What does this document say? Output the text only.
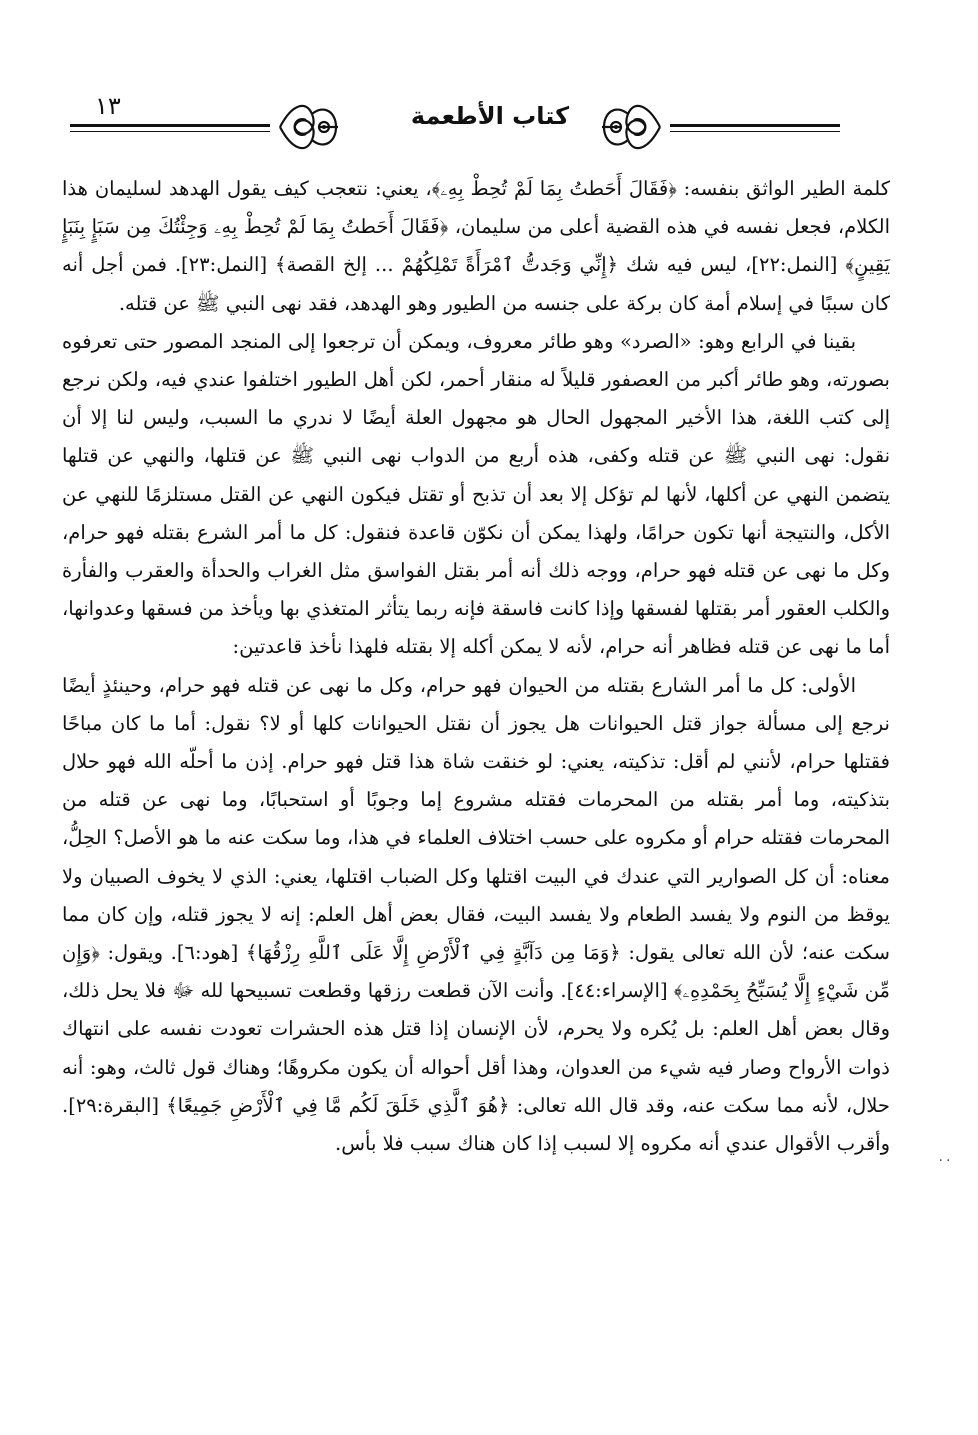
١٣	كتاب الأطعمة

كلمة الطير الواثق بنفسه: ﴿فَقَالَ أَحَطتُ بِمَا لَمْ تُحِطْ بِهِۦ﴾، يعني: نتعجب كيف يقول الهدهد لسليمان هذا الكلام، فجعل نفسه في هذه القضية أعلى من سليمان، ﴿فَقَالَ أَحَطتُ بِمَا لَمْ تُحِطْ بِهِۦ وَجِئْتُكَ مِن سَبَإٍ بِنَبَإٍ يَقِينٍ﴾ [النمل:٢٢]، ليس فيه شك ﴿إِنِّي وَجَدتُّ ٱمْرَأَةً تَمْلِكُهُمْ ... إلخ القصة﴾ [النمل:٢٣]. فمن أجل أنه كان سببًا في إسلام أمة كان بركة على جنسه من الطيور وهو الهدهد، فقد نهى النبي ﷺ عن قتله.

بقينا في الرابع وهو: «الصرد» وهو طائر معروف، ويمكن أن ترجعوا إلى المنجد المصور حتى تعرفوه بصورته، وهو طائر أكبر من العصفور قليلاً له منقار أحمر، لكن أهل الطيور اختلفوا عندي فيه، ولكن نرجع إلى كتب اللغة، هذا الأخير المجهول الحال هو مجهول العلة أيضًا لا ندري ما السبب، وليس لنا إلا أن نقول: نهى النبي ﷺ عن قتله وكفى، هذه أربع من الدواب نهى النبي ﷺ عن قتلها، والنهي عن قتلها يتضمن النهي عن أكلها، لأنها لم تؤكل إلا بعد أن تذبح أو تقتل فيكون النهي عن القتل مستلزمًا للنهي عن الأكل، والنتيجة أنها تكون حرامًا، ولهذا يمكن أن نكوّن قاعدة فنقول: كل ما أمر الشرع بقتله فهو حرام، وكل ما نهى عن قتله فهو حرام، ووجه ذلك أنه أمر بقتل الفواسق مثل الغراب والحدأة والعقرب والفأرة والكلب العقور أمر بقتلها لفسقها وإذا كانت فاسقة فإنه ربما يتأثر المتغذي بها ويأخذ من فسقها وعدوانها، أما ما نهى عن قتله فظاهر أنه حرام، لأنه لا يمكن أكله إلا بقتله فلهذا نأخذ قاعدتين:

الأولى: كل ما أمر الشارع بقتله من الحيوان فهو حرام، وكل ما نهى عن قتله فهو حرام، وحينئذٍ أيضًا نرجع إلى مسألة جواز قتل الحيوانات هل يجوز أن نقتل الحيوانات كلها أو لا؟ نقول: أما ما كان مباحًا فقتلها حرام، لأنني لم أقل: تذكيته، يعني: لو خنقت شاة هذا قتل فهو حرام. إذن ما أحلّه الله فهو حلال بتذكيته، وما أمر بقتله من المحرمات فقتله مشروع إما وجوبًا أو استحبابًا، وما نهى عن قتله من المحرمات فقتله حرام أو مكروه على حسب اختلاف العلماء في هذا، وما سكت عنه ما هو الأصل؟ الحِلُّ، معناه: أن كل الصوارير التي عندك في البيت اقتلها وكل الضباب اقتلها، يعني: الذي لا يخوف الصبيان ولا يوقظ من النوم ولا يفسد الطعام ولا يفسد البيت، فقال بعض أهل العلم: إنه لا يجوز قتله، وإن كان مما سكت عنه؛ لأن الله تعالى يقول: ﴿وَمَا مِن دَآبَّةٍ فِي ٱلْأَرْضِ إِلَّا عَلَى ٱللَّهِ رِزْقُهَا﴾ [هود:٦]. ويقول: ﴿وَإِن مِّن شَيْءٍ إِلَّا يُسَبِّحُ بِحَمْدِهِۦ﴾ [الإسراء:٤٤]. وأنت الآن قطعت رزقها وقطعت تسبيحها لله ﷻ فلا يحل ذلك، وقال بعض أهل العلم: بل يُكره ولا يحرم، لأن الإنسان إذا قتل هذه الحشرات تعودت نفسه على انتهاك ذوات الأرواح وصار فيه شيء من العدوان، وهذا أقل أحواله أن يكون مكروهًا؛ وهناك قول ثالث، وهو: أنه حلال، لأنه مما سكت عنه، وقد قال الله تعالى: ﴿هُوَ ٱلَّذِي خَلَقَ لَكُم مَّا فِي ٱلْأَرْضِ جَمِيعًا﴾ [البقرة:٢٩]. وأقرب الأقوال عندي أنه مكروه إلا لسبب إذا كان هناك سبب فلا بأس.

٠٠
